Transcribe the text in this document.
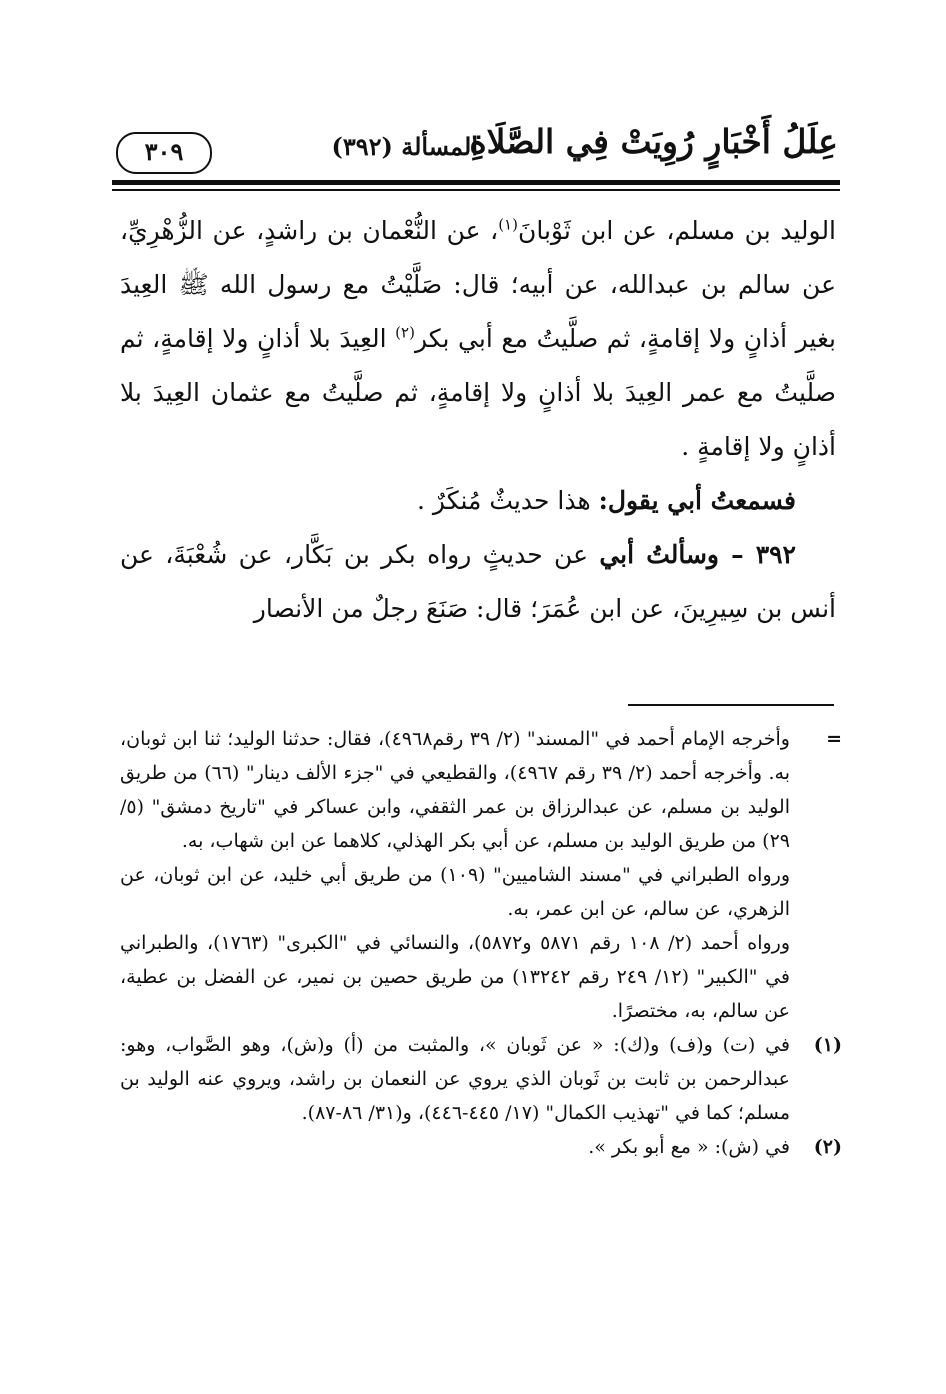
عِلَلُ أَخْبَارٍ رُوِيَتْ فِي الصَّلَاةِ
المسألة (٣٩٢)
٣٠٩

الوليد بن مسلم، عن ابن ثَوْبانَ$^{(١)}$، عن النُّعْمان بن راشدٍ، عن الزُّهْرِيِّ، عن سالم بن عبدالله، عن أبيه؛ قال: صَلَّيْتُ مع رسول الله ﷺ العِيدَ بغير أذانٍ ولا إقامةٍ، ثم صلَّيتُ مع أبي بكر$^{(٢)}$ العِيدَ بلا أذانٍ ولا إقامةٍ، ثم صلَّيتُ مع عمر العِيدَ بلا أذانٍ ولا إقامةٍ، ثم صلَّيتُ مع عثمان العِيدَ بلا أذانٍ ولا إقامةٍ .

فسمعتُ أبي يقول: هذا حديثٌ مُنكَرٌ .

٣٩٢ – وسألتُ أبي عن حديثٍ رواه بكر بن بَكَّار، عن شُعْبَةَ، عن أنس بن سِيرِينَ، عن ابن عُمَرَ؛ قال: صَنَعَ رجلٌ من الأنصار

=

وأخرجه الإمام أحمد في "المسند" (٢/ ٣٩ رقم٤٩٦٨)، فقال: حدثنا الوليد؛ ثنا ابن ثوبان، به. وأخرجه أحمد (٢/ ٣٩ رقم ٤٩٦٧)، والقطيعي في "جزء الألف دينار" (٦٦) من طريق الوليد بن مسلم، عن عبدالرزاق بن عمر الثقفي، وابن عساكر في "تاريخ دمشق" (٥/ ٢٩) من طريق الوليد بن مسلم، عن أبي بكر الهذلي، كلاهما عن ابن شهاب، به.

ورواه الطبراني في "مسند الشاميين" (١٠٩) من طريق أبي خليد، عن ابن ثوبان، عن الزهري، عن سالم، عن ابن عمر، به.

ورواه أحمد (٢/ ١٠٨ رقم ٥٨٧١ و٥٨٧٢)، والنسائي في "الكبرى" (١٧٦٣)، والطبراني في "الكبير" (١٢/ ٢٤٩ رقم ١٣٢٤٢) من طريق حصين بن نمير، عن الفضل بن عطية، عن سالم، به، مختصرًا.

(١)

في (ت) و(ف) و(ك): « عن ثَوبان »، والمثبت من (أ) و(ش)، وهو الصَّواب، وهو: عبدالرحمن بن ثابت بن ثَوبان الذي يروي عن النعمان بن راشد، ويروي عنه الوليد بن مسلم؛ كما في "تهذيب الكمال" (١٧/ ٤٤٥-٤٤٦)، و(٣١/ ٨٦-٨٧).

(٢)

في (ش): « مع أبو بكر ».
